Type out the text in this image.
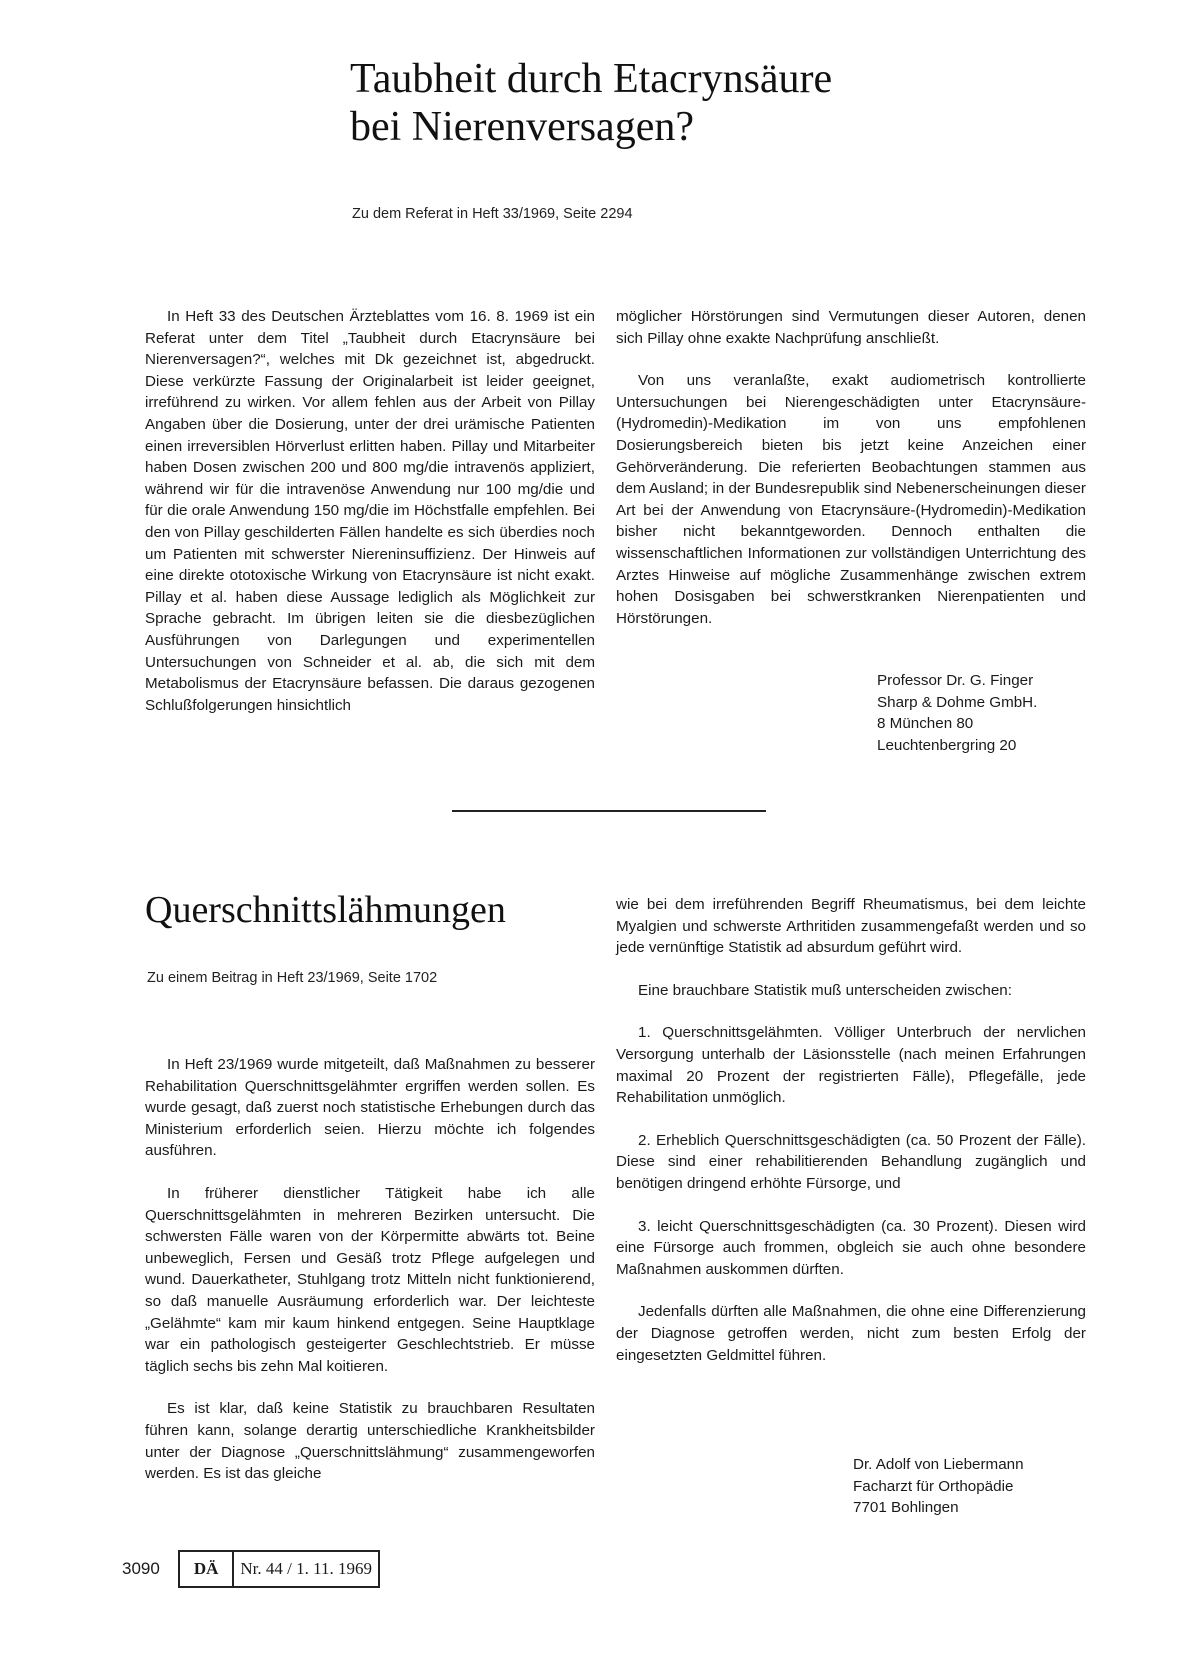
Taubheit durch Etacrynsäure
bei Nierenversagen?
Zu dem Referat in Heft 33/1969, Seite 2294

In Heft 33 des Deutschen Ärzteblattes vom 16. 8. 1969 ist ein Referat unter dem Titel „Taubheit durch Etacrynsäure bei Nierenversagen?“, welches mit Dk gezeichnet ist, abgedruckt. Diese verkürzte Fassung der Originalarbeit ist leider geeignet, irreführend zu wirken. Vor allem fehlen aus der Arbeit von Pillay Angaben über die Dosierung, unter der drei urämische Patienten einen irreversiblen Hörverlust erlitten haben. Pillay und Mitarbeiter haben Dosen zwischen 200 und 800 mg/die intravenös appliziert, während wir für die intravenöse Anwendung nur 100 mg/die und für die orale Anwendung 150 mg/die im Höchstfalle empfehlen. Bei den von Pillay geschilderten Fällen handelte es sich überdies noch um Patienten mit schwerster Niereninsuffizienz. Der Hinweis auf eine direkte ototoxische Wirkung von Etacrynsäure ist nicht exakt. Pillay et al. haben diese Aussage lediglich als Möglichkeit zur Sprache gebracht. Im übrigen leiten sie die diesbezüglichen Ausführungen von Darlegungen und experimentellen Untersuchungen von Schneider et al. ab, die sich mit dem Metabolismus der Etacrynsäure befassen. Die daraus gezogenen Schlußfolgerungen hinsichtlich

möglicher Hörstörungen sind Vermutungen dieser Autoren, denen sich Pillay ohne exakte Nachprüfung anschließt.

Von uns veranlaßte, exakt audiometrisch kontrollierte Untersuchungen bei Nierengeschädigten unter Etacrynsäure-(Hydromedin)-Medikation im von uns empfohlenen Dosierungsbereich bieten bis jetzt keine Anzeichen einer Gehörveränderung. Die referierten Beobachtungen stammen aus dem Ausland; in der Bundesrepublik sind Nebenerscheinungen dieser Art bei der Anwendung von Etacrynsäure-(Hydromedin)-Medikation bisher nicht bekanntgeworden. Dennoch enthalten die wissenschaftlichen Informationen zur vollständigen Unterrichtung des Arztes Hinweise auf mögliche Zusammenhänge zwischen extrem hohen Dosisgaben bei schwerstkranken Nierenpatienten und Hörstörungen.

Professor Dr. G. Finger
Sharp & Dohme GmbH.
8 München 80
Leuchtenbergring 20
Querschnittslähmungen
Zu einem Beitrag in Heft 23/1969, Seite 1702

In Heft 23/1969 wurde mitgeteilt, daß Maßnahmen zu besserer Rehabilitation Querschnittsgelähmter ergriffen werden sollen. Es wurde gesagt, daß zuerst noch statistische Erhebungen durch das Ministerium erforderlich seien. Hierzu möchte ich folgendes ausführen.

In früherer dienstlicher Tätigkeit habe ich alle Querschnittsgelähmten in mehreren Bezirken untersucht. Die schwersten Fälle waren von der Körpermitte abwärts tot. Beine unbeweglich, Fersen und Gesäß trotz Pflege aufgelegen und wund. Dauerkatheter, Stuhlgang trotz Mitteln nicht funktionierend, so daß manuelle Ausräumung erforderlich war. Der leichteste „Gelähmte“ kam mir kaum hinkend entgegen. Seine Hauptklage war ein pathologisch gesteigerter Geschlechtstrieb. Er müsse täglich sechs bis zehn Mal koitieren.

Es ist klar, daß keine Statistik zu brauchbaren Resultaten führen kann, solange derartig unterschiedliche Krankheitsbilder unter der Diagnose „Querschnittslähmung“ zusammengeworfen werden. Es ist das gleiche

wie bei dem irreführenden Begriff Rheumatismus, bei dem leichte Myalgien und schwerste Arthritiden zusammengefaßt werden und so jede vernünftige Statistik ad absurdum geführt wird.

Eine brauchbare Statistik muß unterscheiden zwischen:

1. Querschnittsgelähmten. Völliger Unterbruch der nervlichen Versorgung unterhalb der Läsionsstelle (nach meinen Erfahrungen maximal 20 Prozent der registrierten Fälle), Pflegefälle, jede Rehabilitation unmöglich.

2. Erheblich Querschnittsgeschädigten (ca. 50 Prozent der Fälle). Diese sind einer rehabilitierenden Behandlung zugänglich und benötigen dringend erhöhte Fürsorge, und

3. leicht Querschnittsgeschädigten (ca. 30 Prozent). Diesen wird eine Fürsorge auch frommen, obgleich sie auch ohne besondere Maßnahmen auskommen dürften.

Jedenfalls dürften alle Maßnahmen, die ohne eine Differenzierung der Diagnose getroffen werden, nicht zum besten Erfolg der eingesetzten Geldmittel führen.

Dr. Adolf von Liebermann
Facharzt für Orthopädie
7701 Bohlingen
3090	DÄ	Nr. 44 / 1. 11. 1969
